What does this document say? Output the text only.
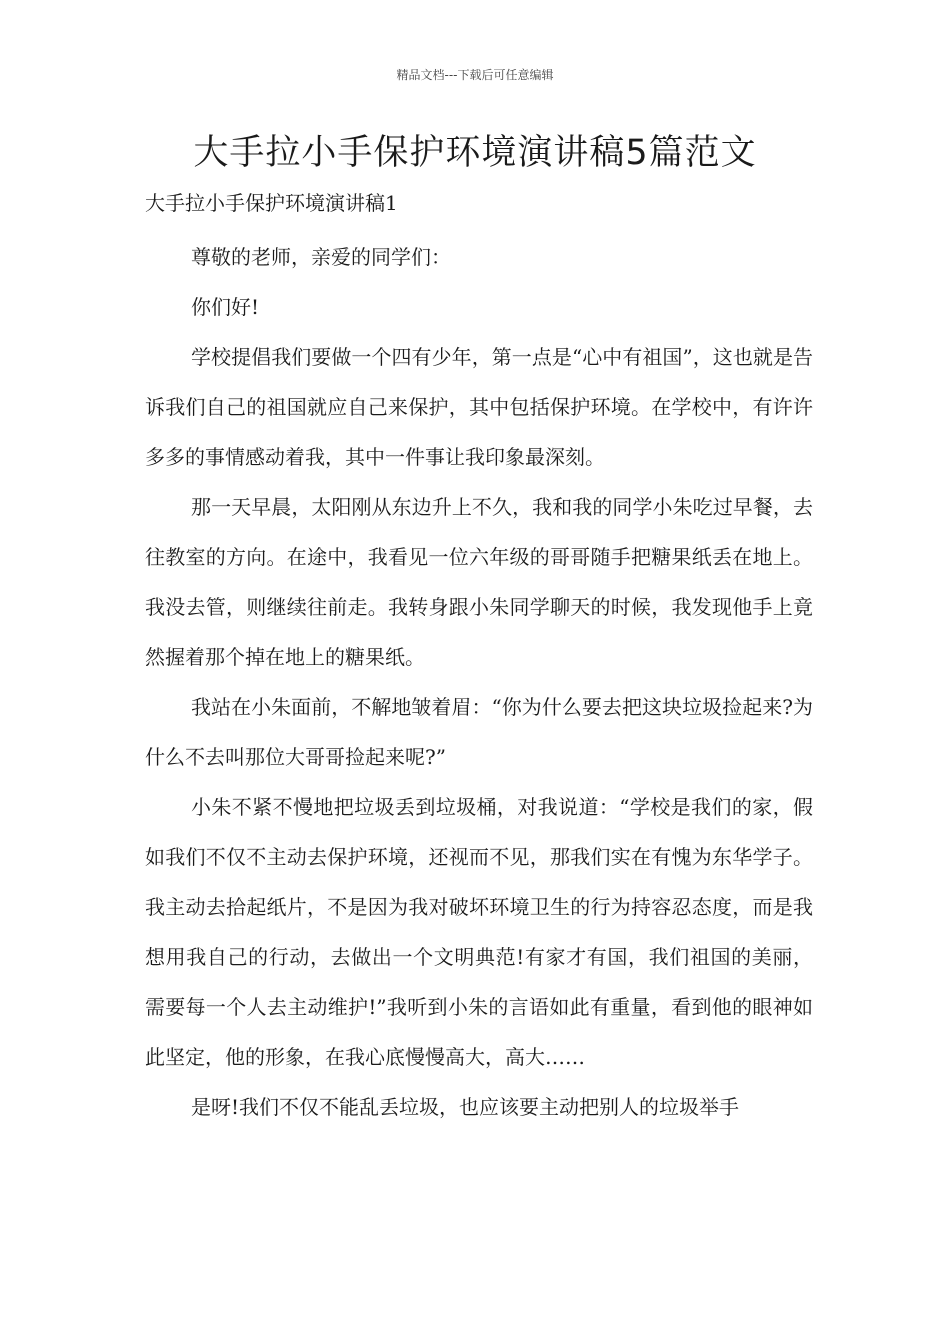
精品文档---下载后可任意编辑
大手拉小手保护环境演讲稿5篇范文

大手拉小手保护环境演讲稿1

尊敬的老师，亲爱的同学们：

你们好!

学校提倡我们要做一个四有少年，第一点是“心中有祖国”，这也就是告诉我们自己的祖国就应自己来保护，其中包括保护环境。在学校中，有许许多多的事情感动着我，其中一件事让我印象最深刻。

那一天早晨，太阳刚从东边升上不久，我和我的同学小朱吃过早餐，去往教室的方向。在途中，我看见一位六年级的哥哥随手把糖果纸丢在地上。我没去管，则继续往前走。我转身跟小朱同学聊天的时候，我发现他手上竟然握着那个掉在地上的糖果纸。

我站在小朱面前，不解地皱着眉：“你为什么要去把这块垃圾捡起来?为什么不去叫那位大哥哥捡起来呢?”

小朱不紧不慢地把垃圾丢到垃圾桶，对我说道：“学校是我们的家，假如我们不仅不主动去保护环境，还视而不见，那我们实在有愧为东华学子。我主动去拾起纸片，不是因为我对破坏环境卫生的行为持容忍态度，而是我想用我自己的行动，去做出一个文明典范!有家才有国，我们祖国的美丽，需要每一个人去主动维护!”我听到小朱的言语如此有重量，看到他的眼神如此坚定，他的形象，在我心底慢慢高大，高大……

是呀!我们不仅不能乱丢垃圾，也应该要主动把别人的垃圾举手
